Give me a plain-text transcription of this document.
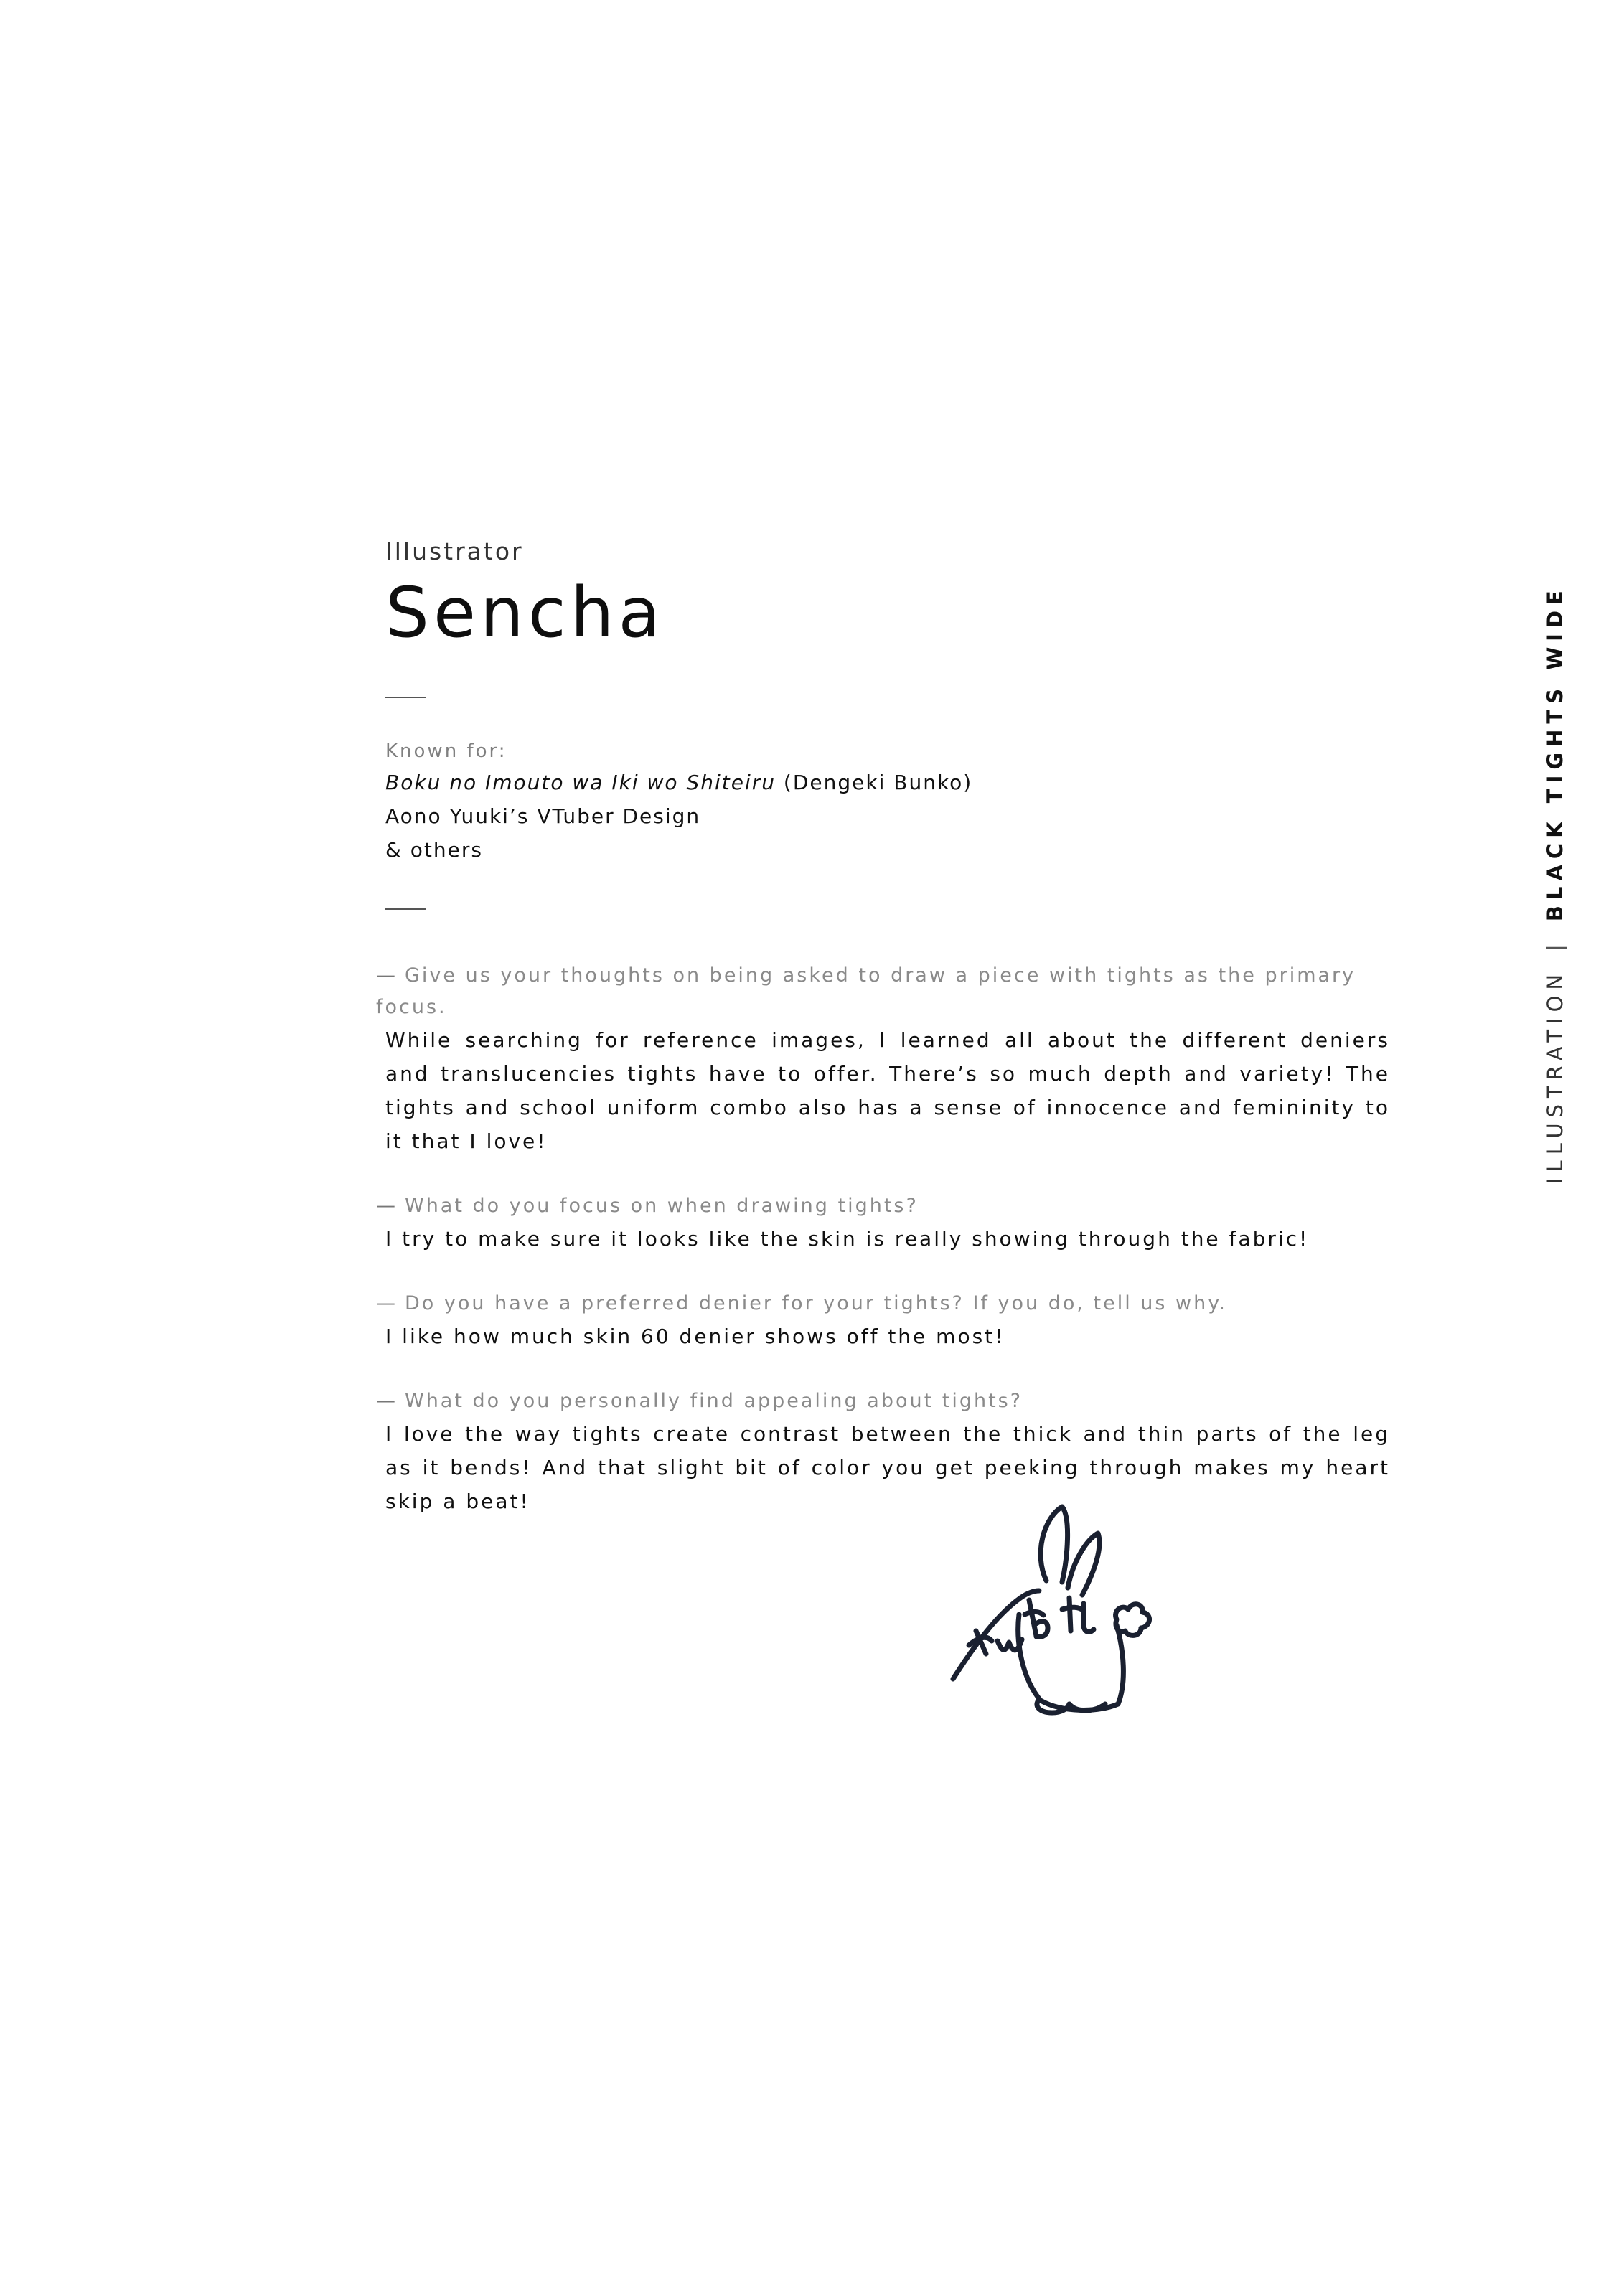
ILLUSTRATION|BLACK TIGHTS WIDE

Illustrator

Sencha
Known for:
Boku no Imouto wa Iki wo Shiteiru (Dengeki Bunko)
Aono Yuuki’s VTuber Design
& others
— Give us your thoughts on being asked to draw a piece with tights as the primary focus.
While searching for reference images, I learned all about the different deniers and translucencies tights have to offer. There’s so much depth and variety! The tights and school uniform combo also has a sense of innocence and femininity to it that I love!
— What do you focus on when drawing tights?
I try to make sure it looks like the skin is really showing through the fabric!
— Do you have a preferred denier for your tights? If you do, tell us why.
I like how much skin 60 denier shows off the most!
— What do you personally find appealing about tights?
I love the way tights create contrast between the thick and thin parts of the leg as it bends! And that slight bit of color you get peeking through makes my heart skip a beat!
